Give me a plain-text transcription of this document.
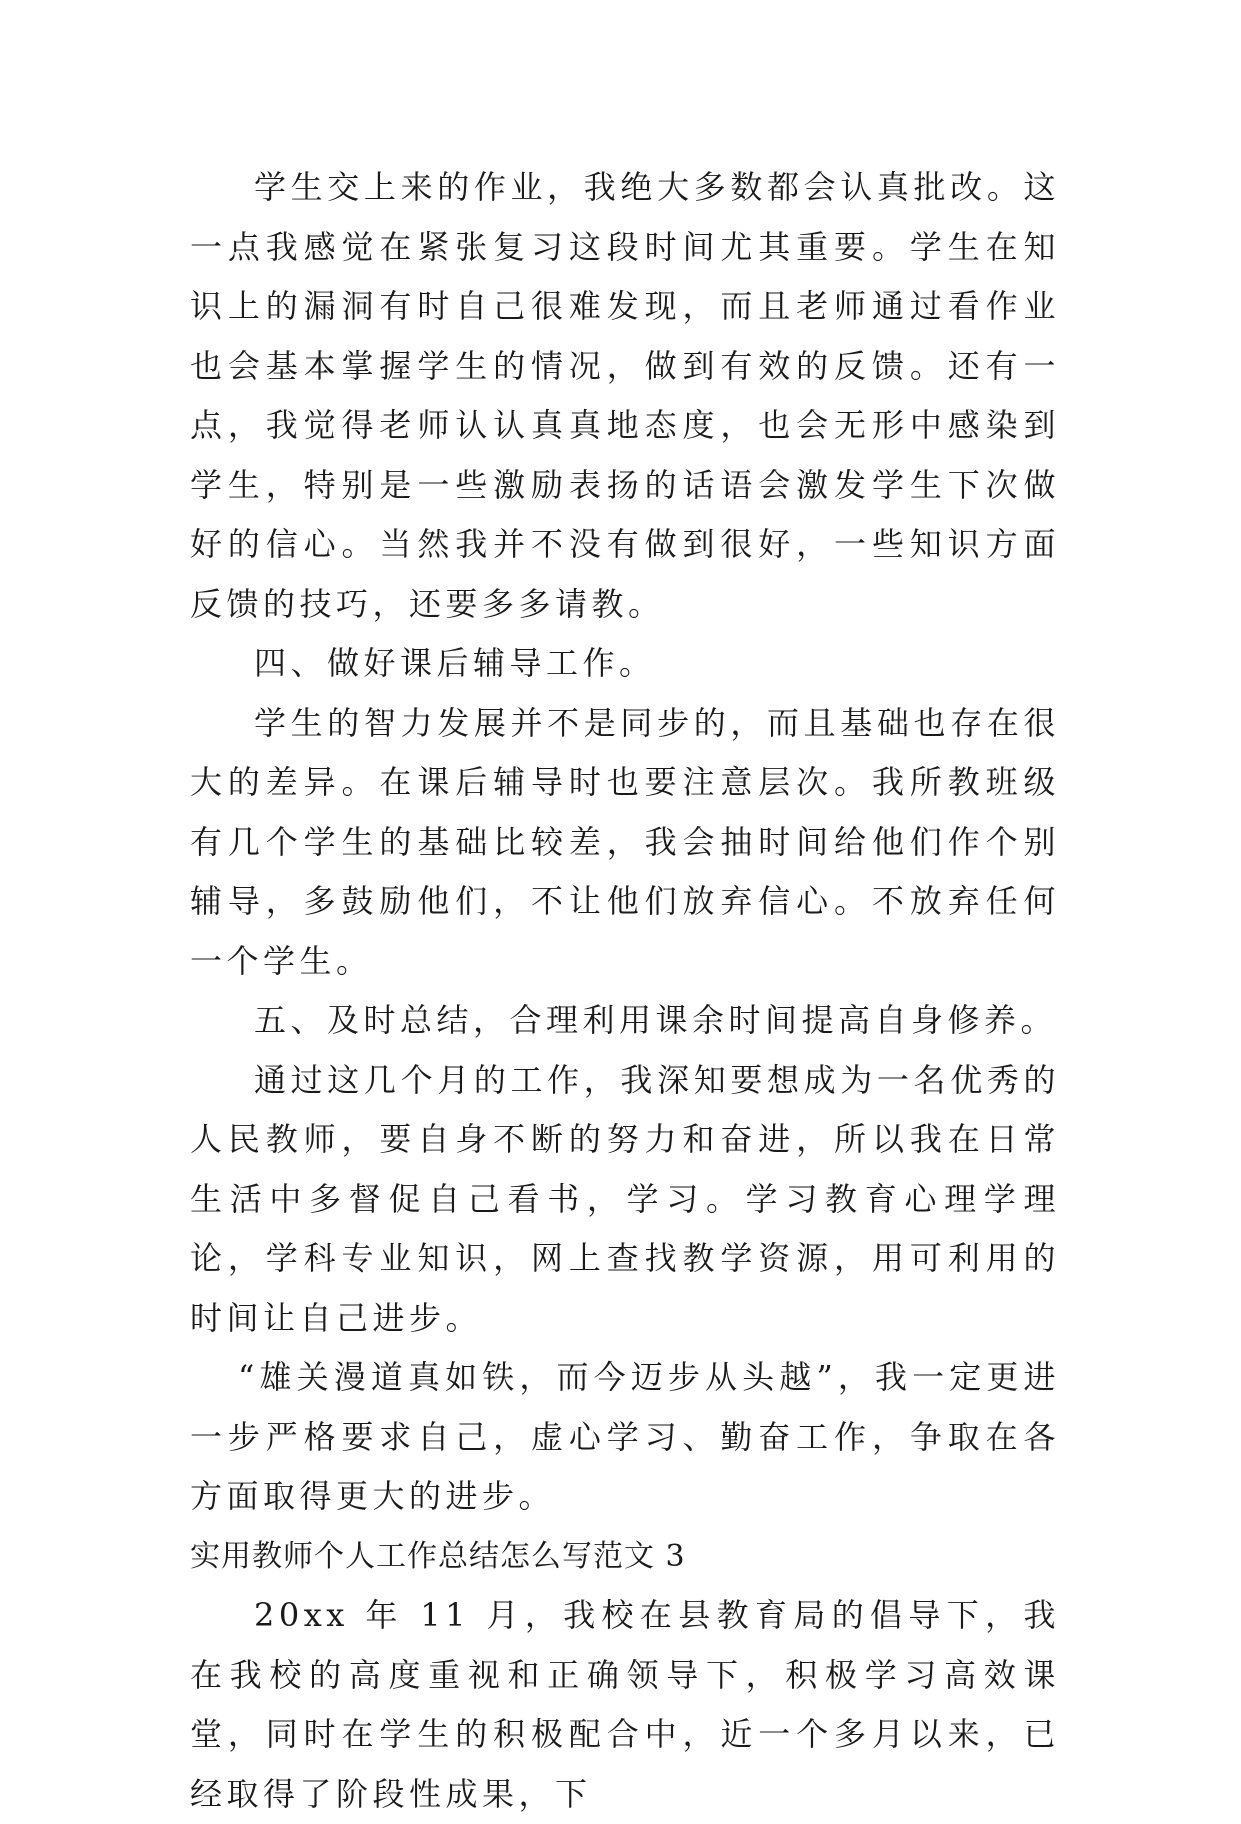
学生交上来的作业，我绝大多数都会认真批改。这一点我感觉在紧张复习这段时间尤其重要。学生在知识上的漏洞有时自己很难发现，而且老师通过看作业也会基本掌握学生的情况，做到有效的反馈。还有一点，我觉得老师认认真真地态度，也会无形中感染到学生，特别是一些激励表扬的话语会激发学生下次做好的信心。当然我并不没有做到很好，一些知识方面反馈的技巧，还要多多请教。

四、做好课后辅导工作。

学生的智力发展并不是同步的，而且基础也存在很大的差异。在课后辅导时也要注意层次。我所教班级有几个学生的基础比较差，我会抽时间给他们作个别辅导，多鼓励他们，不让他们放弃信心。不放弃任何一个学生。

五、及时总结，合理利用课余时间提高自身修养。

通过这几个月的工作，我深知要想成为一名优秀的人民教师，要自身不断的努力和奋进，所以我在日常生活中多督促自己看书，学习。学习教育心理学理论，学科专业知识，网上查找教学资源，用可利用的时间让自己进步。

“雄关漫道真如铁，而今迈步从头越”，我一定更进一步严格要求自己，虚心学习、勤奋工作，争取在各方面取得更大的进步。

实用教师个人工作总结怎么写范文 3

20xx 年 11 月，我校在县教育局的倡导下，我在我校的高度重视和正确领导下，积极学习高效课堂，同时在学生的积极配合中，近一个多月以来，已经取得了阶段性成果，下
